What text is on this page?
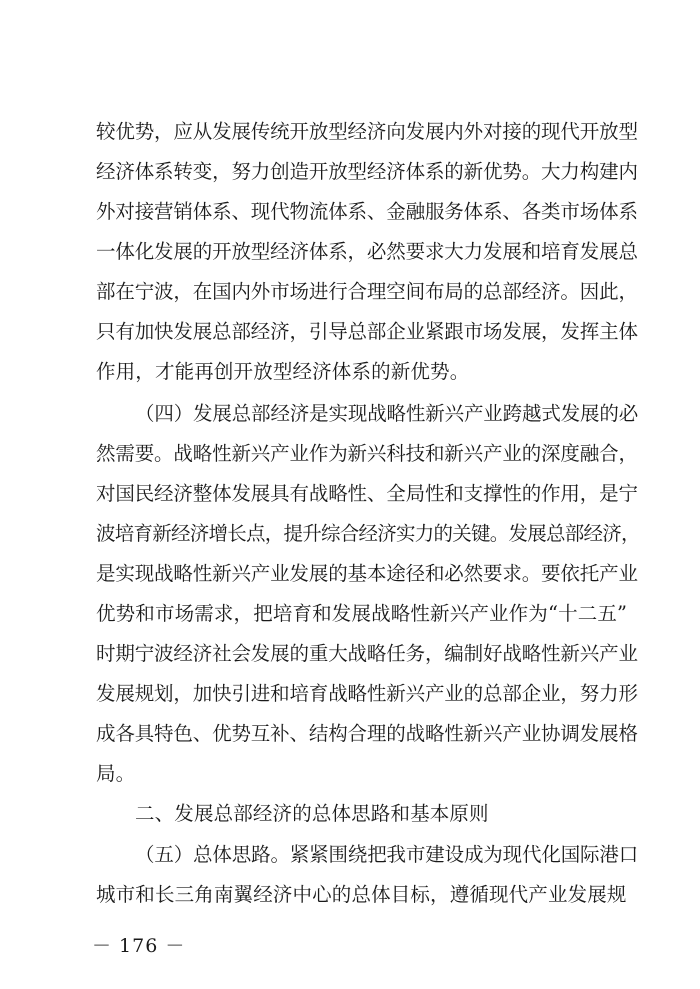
较优势，应从发展传统开放型经济向发展内外对接的现代开放型
经济体系转变，努力创造开放型经济体系的新优势。大力构建内
外对接营销体系、现代物流体系、金融服务体系、各类市场体系
一体化发展的开放型经济体系，必然要求大力发展和培育发展总
部在宁波，在国内外市场进行合理空间布局的总部经济。因此，
只有加快发展总部经济，引导总部企业紧跟市场发展，发挥主体
作用，才能再创开放型经济体系的新优势。
（四）发展总部经济是实现战略性新兴产业跨越式发展的必
然需要。战略性新兴产业作为新兴科技和新兴产业的深度融合，
对国民经济整体发展具有战略性、全局性和支撑性的作用，是宁
波培育新经济增长点，提升综合经济实力的关键。发展总部经济，
是实现战略性新兴产业发展的基本途径和必然要求。要依托产业
优势和市场需求，把培育和发展战略性新兴产业作为“十二五”
时期宁波经济社会发展的重大战略任务，编制好战略性新兴产业
发展规划，加快引进和培育战略性新兴产业的总部企业，努力形
成各具特色、优势互补、结构合理的战略性新兴产业协调发展格
局。
二、发展总部经济的总体思路和基本原则
（五）总体思路。紧紧围绕把我市建设成为现代化国际港口
城市和长三角南翼经济中心的总体目标，遵循现代产业发展规
－ 176 －
